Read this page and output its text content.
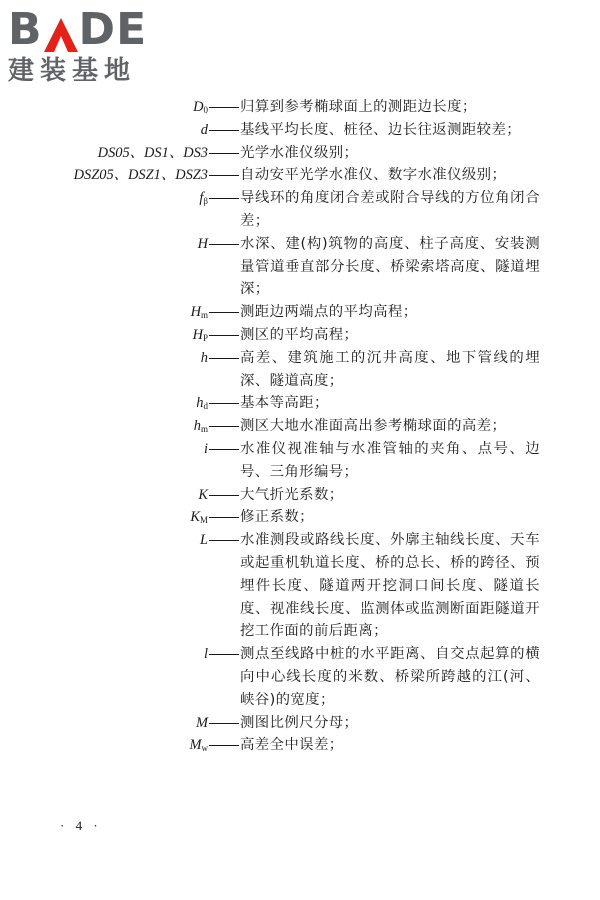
B DE
建装基地
$D_0$ 归算到参考椭球面上的测距边长度；
d 基线平均长度、桩径、边长往返测距较差；
DS05、DS1、DS3 光学水准仪级别；
DSZ05、DSZ1、DSZ3 自动安平光学水准仪、数字水准仪级别；
$f_\beta$ 导线环的角度闭合差或附合导线的方位角闭合差；
H 水深、建(构)筑物的高度、柱子高度、安装测量管道垂直部分长度、桥梁索塔高度、隧道埋深；
$H_m$ 测距边两端点的平均高程；
$H_P$ 测区的平均高程；
h 高差、建筑施工的沉井高度、地下管线的埋深、隧道高度；
$h_d$ 基本等高距；
$h_m$ 测区大地水准面高出参考椭球面的高差；
i 水准仪视准轴与水准管轴的夹角、点号、边号、三角形编号；
K 大气折光系数；
$K_M$ 修正系数；
L 水准测段或路线长度、外廓主轴线长度、天车或起重机轨道长度、桥的总长、桥的跨径、预埋件长度、隧道两开挖洞口间长度、隧道长度、视准线长度、监测体或监测断面距隧道开挖工作面的前后距离；
l 测点至线路中桩的水平距离、自交点起算的横向中心线长度的米数、桥梁所跨越的江(河、峡谷)的宽度；
M 测图比例尺分母；
$M_w$ 高差全中误差；
· 4 ·
